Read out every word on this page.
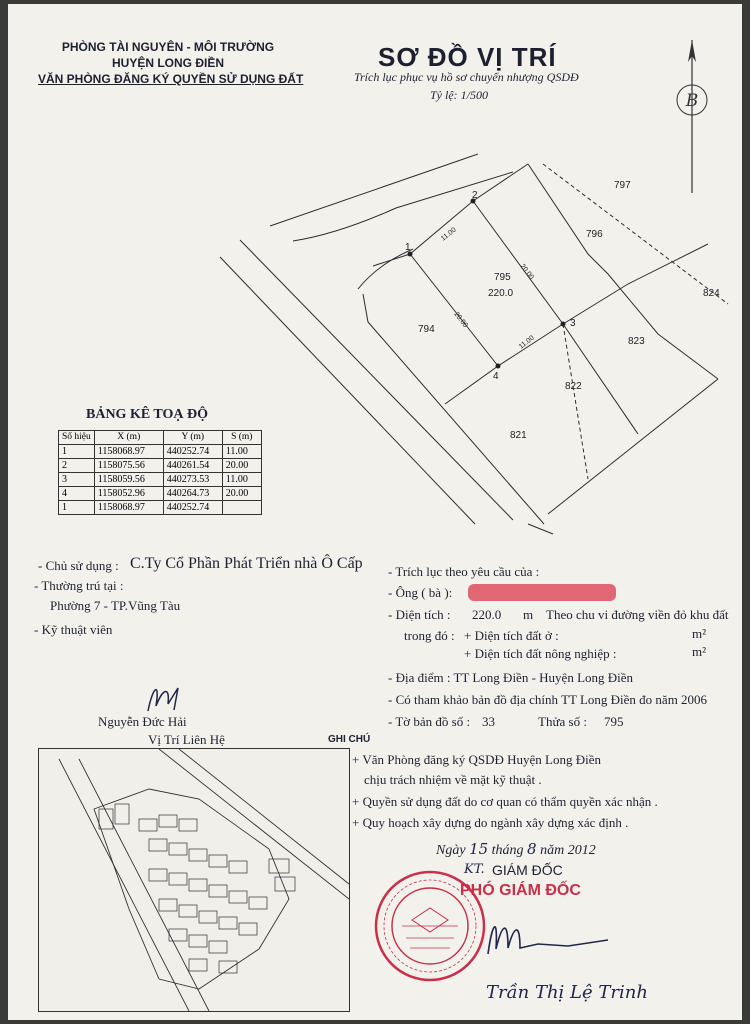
PHÒNG TÀI NGUYÊN - MÔI TRƯỜNG
HUYỆN LONG ĐIỀN
VĂN PHÒNG ĐĂNG KÝ QUYỀN SỬ DỤNG ĐẤT
SƠ ĐỒ VỊ TRÍ
Trích lục phục vụ hồ sơ chuyển nhượng QSDĐ
Tỷ lệ: 1/500	B
1
2
3
4
11.00
20.00
11.00
20.00
797
796
795
220.0	824
794
823
822
821
BẢNG KÊ TOẠ ĐỘ
Số hiệu	X (m)	Y (m)	S (m)
1	1158068.97	440252.74	11.00
2	1158075.56	440261.54	20.00
3	1158059.56	440273.53	11.00
4	1158052.96	440264.73	20.00
1	1158068.97	440252.74	
- Chủ sử dụng : C.Ty Cổ Phần Phát Triển nhà Ô Cấp
- Thường trú tại :
Phường 7 - TP.Vũng Tàu
- Kỹ thuật viên
Nguyễn Đức Hải
Vị Trí Liên Hệ
- Trích lục theo yêu cầu của :
- Ông ( bà ):
- Diện tích : 220.0 m Theo chu vi đường viền đỏ khu đất
trong đó : + Diện tích đất ở :	m²
+ Diện tích đất nông nghiệp :	m²
- Địa điểm : TT Long Điền - Huyện Long Điền
- Có tham khảo bản đồ địa chính TT Long Điền đo năm 2006
- Tờ bản đồ số : 33	Thửa số : 795
GHI CHÚ
+ Văn Phòng đăng ký QSDĐ Huyện Long Điền
chịu trách nhiệm về mặt kỹ thuật .
+ Quyền sử dụng đất do cơ quan có thẩm quyền xác nhận .
+ Quy hoạch xây dựng do ngành xây dựng xác định .
Ngày 15 tháng 8 năm 2012
KT. GIÁM ĐỐC
PHÓ GIÁM ĐỐC
Trần Thị Lệ Trinh
